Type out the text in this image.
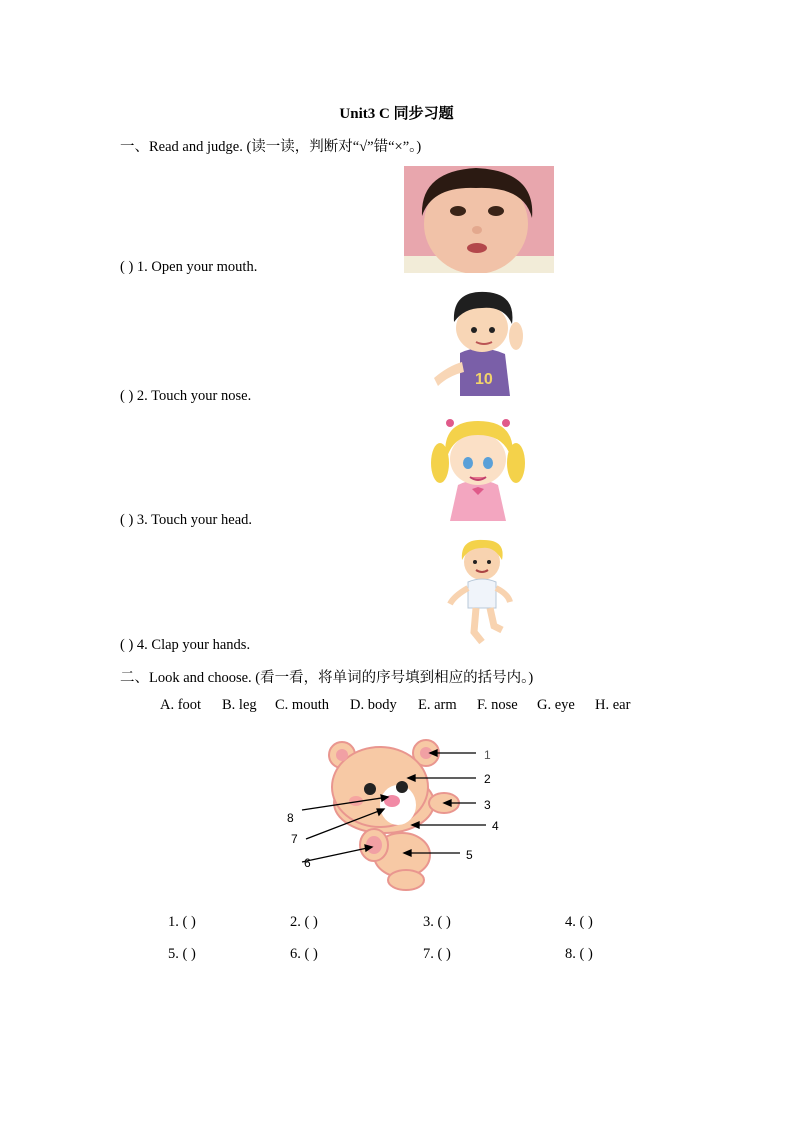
Unit3 C 同步习题
一、Read and judge. (读一读，判断对“√”错“×”。)
( ) 1. Open your mouth.
10
( ) 2. Touch your nose.
( ) 3. Touch your head.
( ) 4. Clap your hands.
二、Look and choose. (看一看，将单词的序号填到相应的括号内。)
A. foot B. leg C. mouth D. body E. arm F. nose G. eye H. ear
1
2
3
4
5
6
7
8
1. ( )	2. ( )	3. ( )	4. ( )
5. ( )	6. ( )	7. ( )	8. ( )
